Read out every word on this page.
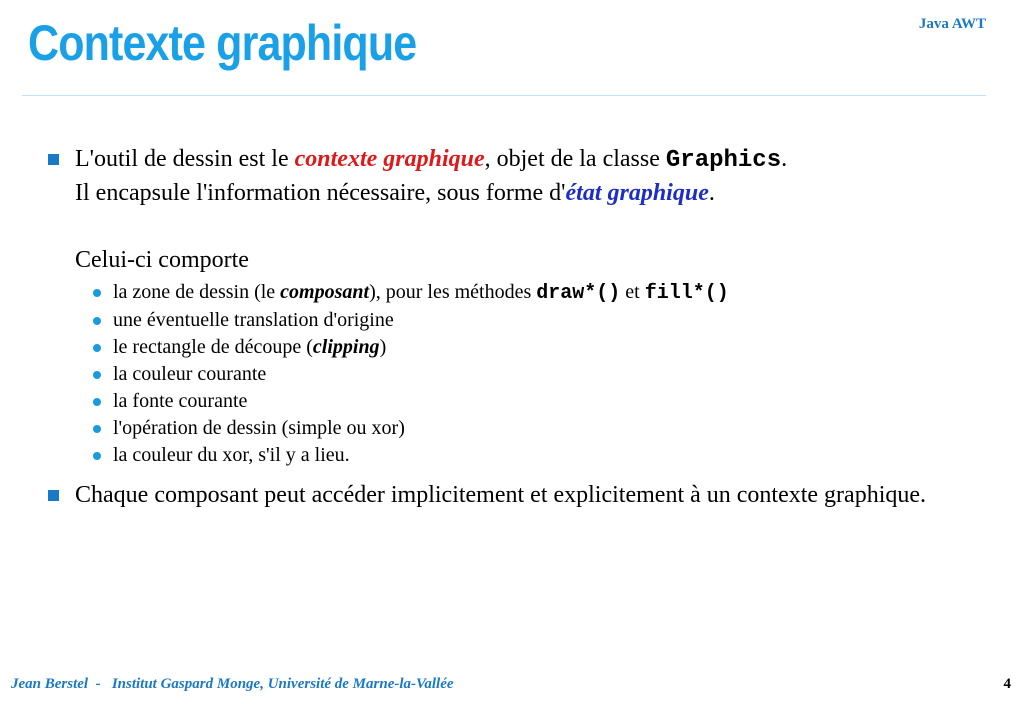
Contexte graphique	Java AWT
L'outil de dessin est le contexte graphique, objet de la classe Graphics.
Il encapsule l'information nécessaire, sous forme d'état graphique.
Celui-ci comporte
la zone de dessin (le composant), pour les méthodes draw*() et fill*()
une éventuelle translation d'origine
le rectangle de découpe (clipping)
la couleur courante
la fonte courante
l'opération de dessin (simple ou xor)
la couleur du xor, s'il y a lieu.
Chaque composant peut accéder implicitement et explicitement à un contexte graphique.
Jean Berstel  -   Institut Gaspard Monge, Université de Marne-la-Vallée	4
